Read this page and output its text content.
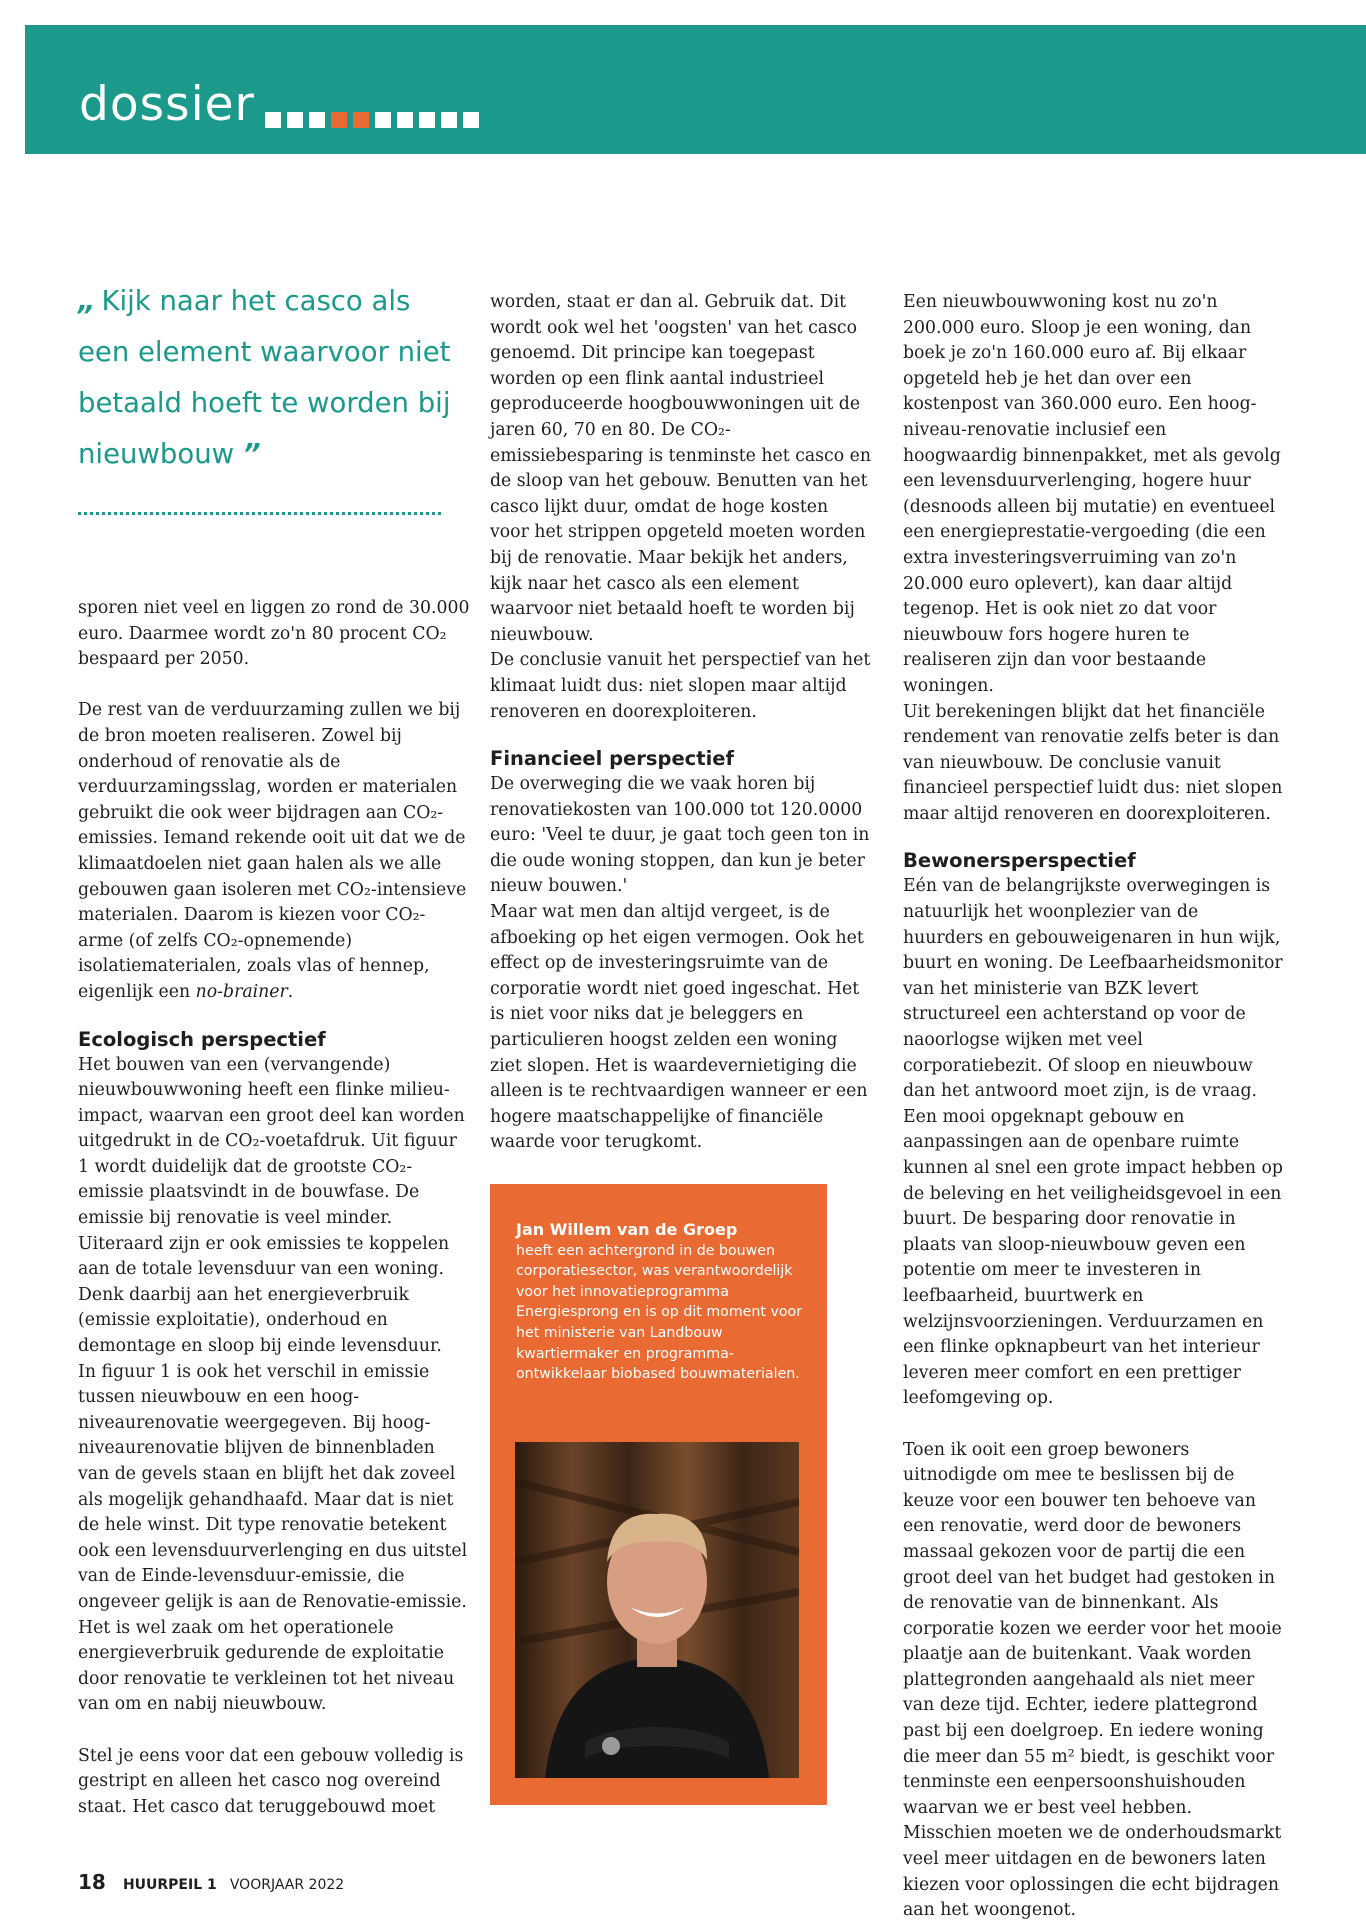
dossier
„ Kijk naar het casco als een element waarvoor niet betaald hoeft te worden bij nieuwbouw ”

sporen niet veel en liggen zo rond de 30.000 euro. Daarmee wordt zo'n 80 procent CO₂ bespaard per 2050.

De rest van de verduurzaming zullen we bij de bron moeten realiseren. Zowel bij onderhoud of renovatie als de verduurzamingsslag, worden er materialen gebruikt die ook weer bijdragen aan CO₂-emissies. Iemand rekende ooit uit dat we de klimaatdoelen niet gaan halen als we alle gebouwen gaan isoleren met CO₂-intensieve materialen. Daarom is kiezen voor CO₂-arme (of zelfs CO₂-opnemende) isolatiematerialen, zoals vlas of hennep, eigenlijk een no-brainer.

Ecologisch perspectief

Het bouwen van een (vervangende) nieuwbouwwoning heeft een flinke milieu-impact, waarvan een groot deel kan worden uitgedrukt in de CO₂-voetafdruk. Uit figuur 1 wordt duidelijk dat de grootste CO₂-emissie plaatsvindt in de bouwfase. De emissie bij renovatie is veel minder. Uiteraard zijn er ook emissies te koppelen aan de totale levensduur van een woning. Denk daarbij aan het energieverbruik (emissie exploitatie), onderhoud en demontage en sloop bij einde levensduur.

In figuur 1 is ook het verschil in emissie tussen nieuwbouw en een hoog-niveaurenovatie weergegeven. Bij hoog-niveaurenovatie blijven de binnenbladen van de gevels staan en blijft het dak zoveel als mogelijk gehandhaafd. Maar dat is niet de hele winst. Dit type renovatie betekent ook een levensduurverlenging en dus uitstel van de Einde-levensduur-emissie, die ongeveer gelijk is aan de Renovatie-emissie. Het is wel zaak om het operationele energieverbruik gedurende de exploitatie door renovatie te verkleinen tot het niveau van om en nabij nieuwbouw.

Stel je eens voor dat een gebouw volledig is gestript en alleen het casco nog overeind staat. Het casco dat teruggebouwd moet

worden, staat er dan al. Gebruik dat. Dit wordt ook wel het 'oogsten' van het casco genoemd. Dit principe kan toegepast worden op een flink aantal industrieel geproduceerde hoogbouwwoningen uit de jaren 60, 70 en 80. De CO₂-emissiebesparing is tenminste het casco en de sloop van het gebouw. Benutten van het casco lijkt duur, omdat de hoge kosten voor het strippen opgeteld moeten worden bij de renovatie. Maar bekijk het anders, kijk naar het casco als een element waarvoor niet betaald hoeft te worden bij nieuwbouw.

De conclusie vanuit het perspectief van het klimaat luidt dus: niet slopen maar altijd renoveren en doorexploiteren.

Financieel perspectief

De overweging die we vaak horen bij renovatiekosten van 100.000 tot 120.0000 euro: 'Veel te duur, je gaat toch geen ton in die oude woning stoppen, dan kun je beter nieuw bouwen.'

Maar wat men dan altijd vergeet, is de afboeking op het eigen vermogen. Ook het effect op de investeringsruimte van de corporatie wordt niet goed ingeschat. Het is niet voor niks dat je beleggers en particulieren hoogst zelden een woning ziet slopen. Het is waardevernietiging die alleen is te rechtvaardigen wanneer er een hogere maatschappelijke of financiële waarde voor terugkomt.

Jan Willem van de Groep
heeft een achtergrond in de bouwen corporatiesector, was verantwoordelijk voor het innovatieprogramma Energiesprong en is op dit moment voor het ministerie van Landbouw kwartiermaker en programma-ontwikkelaar biobased bouwmaterialen.

Een nieuwbouwwoning kost nu zo'n 200.000 euro. Sloop je een woning, dan boek je zo'n 160.000 euro af. Bij elkaar opgeteld heb je het dan over een kostenpost van 360.000 euro. Een hoog-niveau-renovatie inclusief een hoogwaardig binnenpakket, met als gevolg een levensduurverlenging, hogere huur (desnoods alleen bij mutatie) en eventueel een energieprestatie-vergoeding (die een extra investeringsverruiming van zo'n 20.000 euro oplevert), kan daar altijd tegenop. Het is ook niet zo dat voor nieuwbouw fors hogere huren te realiseren zijn dan voor bestaande woningen.

Uit berekeningen blijkt dat het financiële rendement van renovatie zelfs beter is dan van nieuwbouw. De conclusie vanuit financieel perspectief luidt dus: niet slopen maar altijd renoveren en doorexploiteren.

Bewonersperspectief

Eén van de belangrijkste overwegingen is natuurlijk het woonplezier van de huurders en gebouweigenaren in hun wijk, buurt en woning. De Leefbaarheidsmonitor van het ministerie van BZK levert structureel een achterstand op voor de naoorlogse wijken met veel corporatiebezit. Of sloop en nieuwbouw dan het antwoord moet zijn, is de vraag. Een mooi opgeknapt gebouw en aanpassingen aan de openbare ruimte kunnen al snel een grote impact hebben op de beleving en het veiligheidsgevoel in een buurt. De besparing door renovatie in plaats van sloop-nieuwbouw geven een potentie om meer te investeren in leefbaarheid, buurtwerk en welzijnsvoorzieningen. Verduurzamen en een flinke opknapbeurt van het interieur leveren meer comfort en een prettiger leefomgeving op.

Toen ik ooit een groep bewoners uitnodigde om mee te beslissen bij de keuze voor een bouwer ten behoeve van een renovatie, werd door de bewoners massaal gekozen voor de partij die een groot deel van het budget had gestoken in de renovatie van de binnenkant. Als corporatie kozen we eerder voor het mooie plaatje aan de buitenkant. Vaak worden plattegronden aangehaald als niet meer van deze tijd. Echter, iedere plattegrond past bij een doelgroep. En iedere woning die meer dan 55 m² biedt, is geschikt voor tenminste een eenpersoonshuishouden waarvan we er best veel hebben. Misschien moeten we de onderhoudsmarkt veel meer uitdagen en de bewoners laten kiezen voor oplossingen die echt bijdragen aan het woongenot.

18 HUURPEIL 1 VOORJAAR 2022
